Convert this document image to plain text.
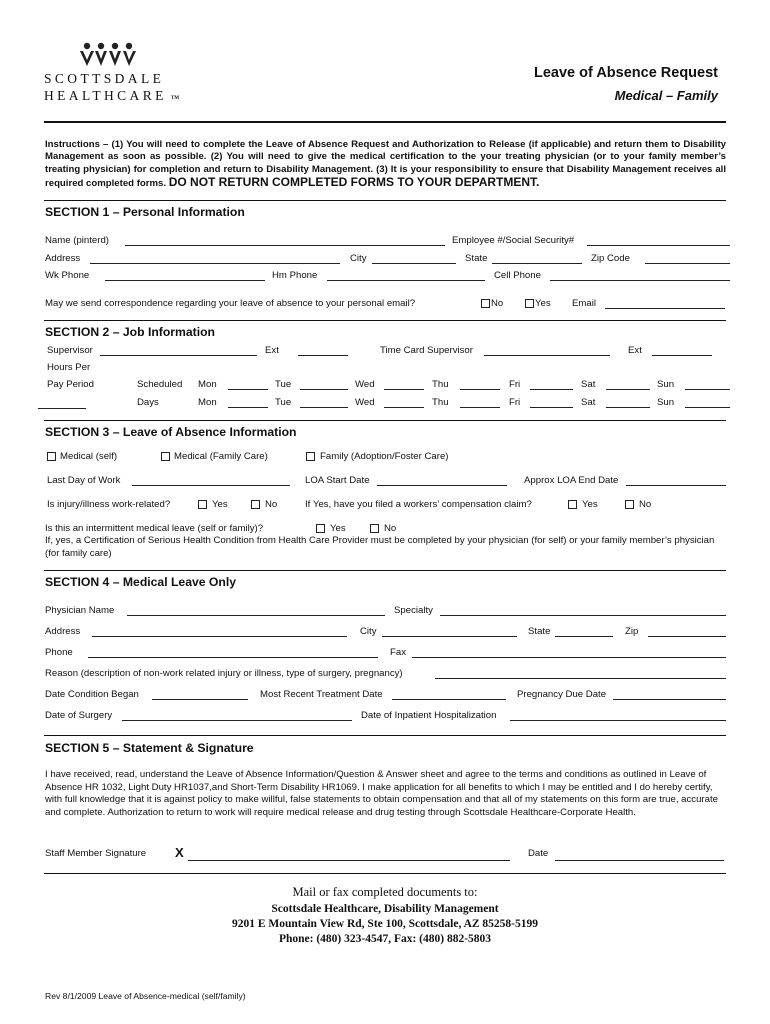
SCOTTSDALE
HEALTHCARE TM
Leave of Absence Request
Medical – Family
Instructions – (1) You will need to complete the Leave of Absence Request and Authorization to Release (if applicable) and return them to Disability Management as soon as possible. (2) You will need to give the medical certification to the your treating physician (or to your family member’s treating physician) for completion and return to Disability Management. (3) It is your responsibility to ensure that Disability Management receives all required completed forms. DO NOT RETURN COMPLETED FORMS TO YOUR DEPARTMENT.
SECTION 1 – Personal Information
Name (pinterd)	Employee #/Social Security#
Address	City	State	Zip Code
Wk Phone	Hm Phone	Cell Phone
May we send correspondence regarding your leave of absence to your personal email?	No	Yes Email
SECTION 2 – Job Information
Supervisor	Ext	Time Card Supervisor	Ext
Hours Per
Pay Period	Scheduled Mon	Tue	Wed	Thu	Fri	Sat	Sun
Days	Mon	Tue	Wed	Thu	Fri	Sat	Sun
SECTION 3 – Leave of Absence Information
Medical (self)	Medical (Family Care)	Family (Adoption/Foster Care)
Last Day of Work	LOA Start Date	Approx LOA End Date
Is injury/illness work-related?	Yes	No	If Yes, have you filed a workers’ compensation claim?	Yes	No
Is this an intermittent medical leave (self or family)?	Yes	No
If, yes, a Certification of Serious Health Condition from Health Care Provider must be completed by your physician (for self) or your family member’s physician (for family care)
SECTION 4 – Medical Leave Only
Physician Name	Specialty
Address	City	State	Zip
Phone	Fax
Reason (description of non-work related injury or illness, type of surgery, pregnancy)
Date Condition Began	Most Recent Treatment Date	Pregnancy Due Date
Date of Surgery	Date of Inpatient Hospitalization
SECTION 5 – Statement & Signature
I have received, read, understand the Leave of Absence Information/Question & Answer sheet and agree to the terms and conditions as outlined in Leave of Absence HR 1032, Light Duty HR1037,and Short-Term Disability HR1069. I make application for all benefits to which I may be entitled and I do hereby certify, with full knowledge that it is against policy to make willful, false statements to obtain compensation and that all of my statements on this form are true, accurate and complete. Authorization to return to work will require medical release and drug testing through Scottsdale Healthcare-Corporate Health.
Staff Member Signature X	Date
Mail or fax completed documents to:
Scottsdale Healthcare, Disability Management
9201 E Mountain View Rd, Ste 100, Scottsdale, AZ 85258-5199
Phone: (480) 323-4547, Fax: (480) 882-5803
Rev 8/1/2009 Leave of Absence-medical (self/family)
